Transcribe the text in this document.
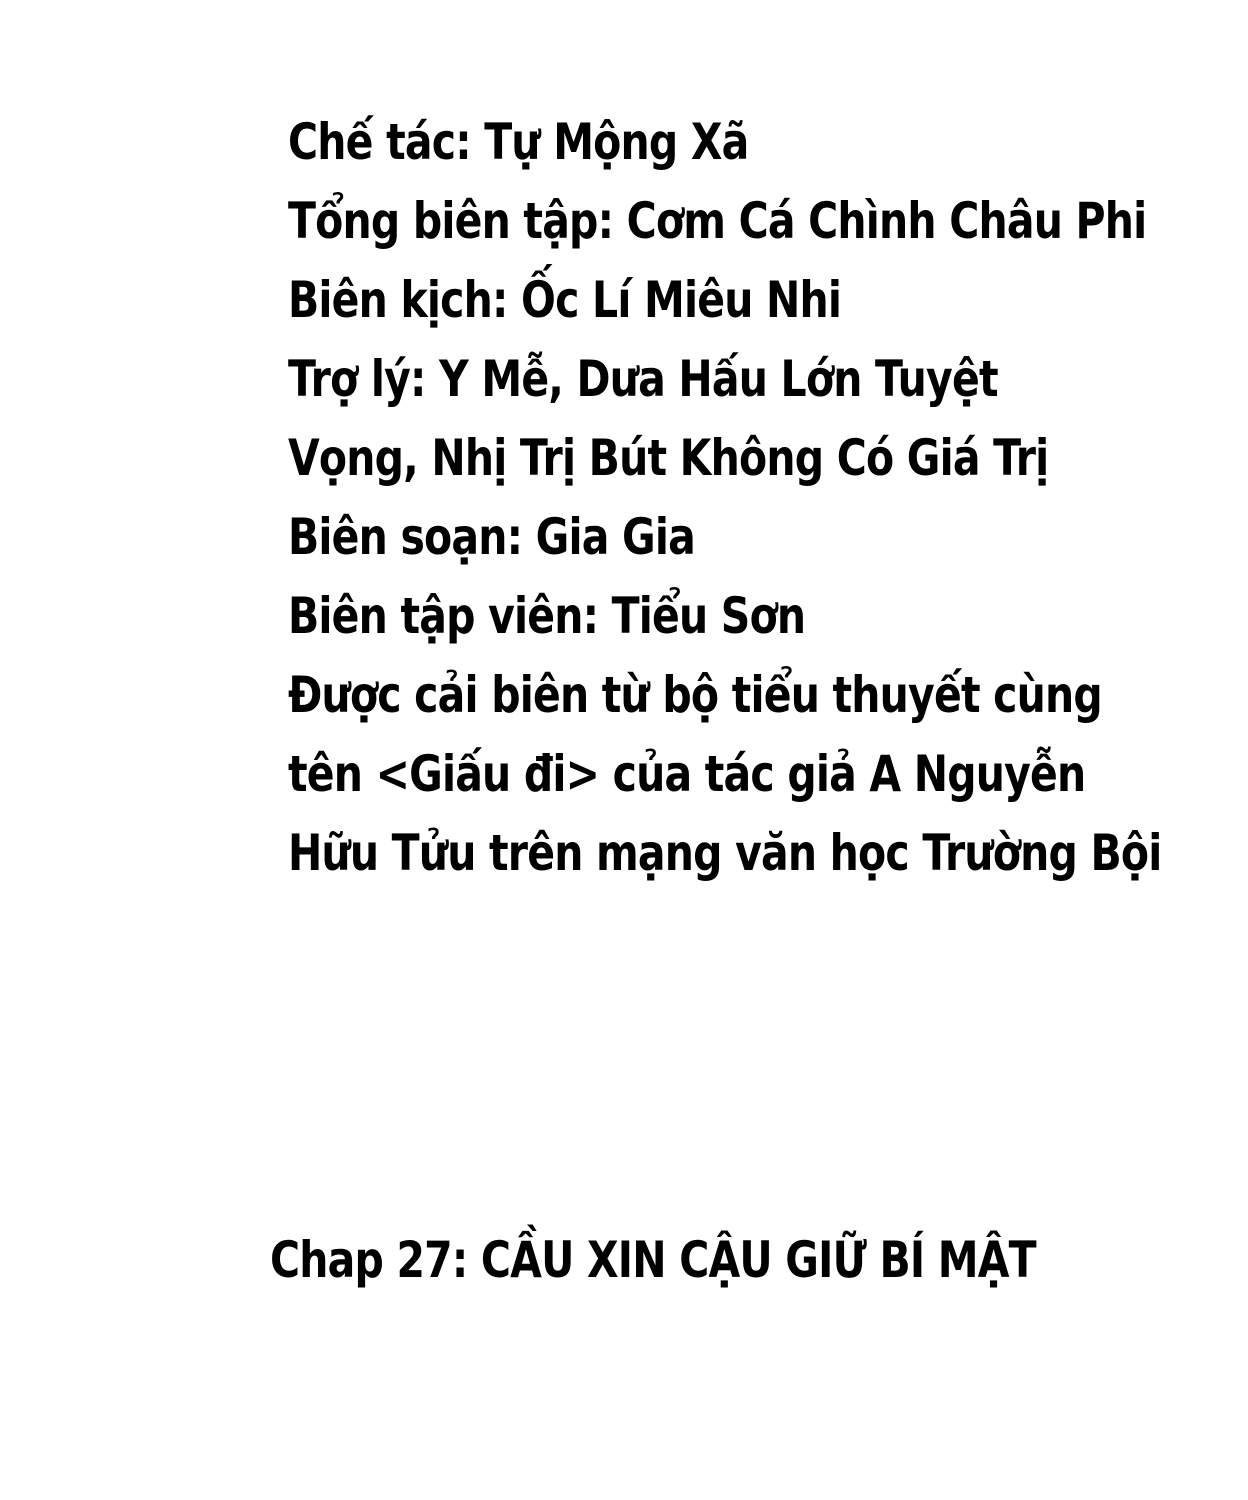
Chế tác: Tự Mộng Xã
Tổng biên tập: Cơm Cá Chình Châu Phi
Biên kịch: Ốc Lí Miêu Nhi
Trợ lý: Y Mễ, Dưa Hấu Lớn Tuyệt
Vọng, Nhị Trị Bút Không Có Giá Trị
Biên soạn: Gia Gia
Biên tập viên: Tiểu Sơn
Được cải biên từ bộ tiểu thuyết cùng
tên <Giấu đi> của tác giả A Nguyễn
Hữu Tửu trên mạng văn học Trường Bội
Chap 27: CẦU XIN CẬU GIỮ BÍ MẬT
